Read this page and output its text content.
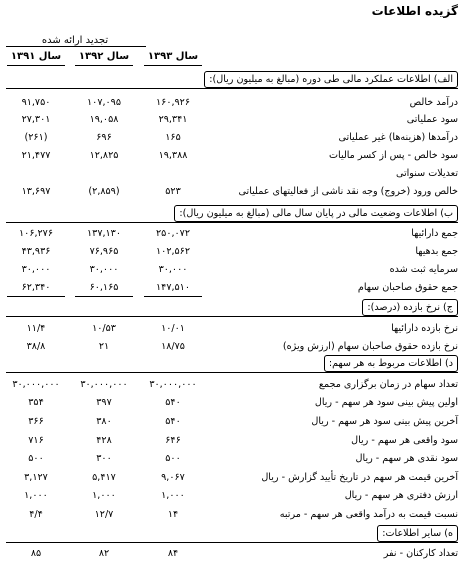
گزیده اطلاعات
تجدید ارائه شده
سال ۱۳۹۳
سال ۱۳۹۲
سال ۱۳۹۱
الف) اطلاعات عملکرد مالی طی دوره (مبالغ به میلیون ریال):
درآمد خالص
۱۶۰,۹۲۶
۱۰۷,۰۹۵
۹۱,۷۵۰
سود عملیاتی
۲۹,۳۴۱
۱۹,۰۵۸
۲۷,۳۰۱
درآمدها (هزینه‌ها) غیر عملیاتی
۱۶۵
۶۹۶
(۲۶۱)
سود خالص - پس از کسر مالیات
۱۹,۳۸۸
۱۲,۸۲۵
۲۱,۴۷۷
تعدیلات سنواتی
خالص ورود (خروج) وجه نقد ناشی از فعالیتهای عملیاتی
۵۲۳
(۲,۸۵۹)
۱۳,۶۹۷
ب) اطلاعات وضعیت مالی در پایان سال مالی (مبالغ به میلیون ریال):
جمع دارائیها
۲۵۰,۰۷۲
۱۳۷,۱۳۰
۱۰۶,۲۷۶
جمع بدهیها
۱۰۲,۵۶۲
۷۶,۹۶۵
۴۳,۹۳۶
سرمایه ثبت شده
۳۰,۰۰۰
۳۰,۰۰۰
۳۰,۰۰۰
جمع حقوق صاحبان سهام
۱۴۷,۵۱۰
۶۰,۱۶۵
۶۲,۳۴۰
ج) نرخ بازده (درصد):
نرخ بازده دارائیها
۱۰/۰۱
۱۰/۵۳
۱۱/۴
نرخ بازده حقوق صاحبان سهام (ارزش ویژه)
۱۸/۷۵
۲۱
۳۸/۸
د) اطلاعات مربوط به هر سهم:
تعداد سهام در زمان برگزاری مجمع
۳۰,۰۰۰,۰۰۰
۳۰,۰۰۰,۰۰۰
۳۰,۰۰۰,۰۰۰
اولین پیش بینی سود هر سهم - ریال
۵۴۰
۳۹۷
۳۵۴
آخرین پیش بینی سود هر سهم - ریال
۵۴۰
۳۸۰
۳۶۶
سود واقعی هر سهم - ریال
۶۴۶
۴۲۸
۷۱۶
سود نقدی هر سهم - ریال
۵۰۰
۳۰۰
۵۰۰
آخرین قیمت هر سهم در تاریخ تأیید گزارش - ریال
۹,۰۶۷
۵,۴۱۷
۳,۱۲۷
ارزش دفتری هر سهم - ریال
۱,۰۰۰
۱,۰۰۰
۱,۰۰۰
نسبت قیمت به درآمد واقعی هر سهم - مرتبه
۱۴
۱۲/۷
۴/۴
ه) سایر اطلاعات:
تعداد کارکنان - نفر
۸۴
۸۲
۸۵
